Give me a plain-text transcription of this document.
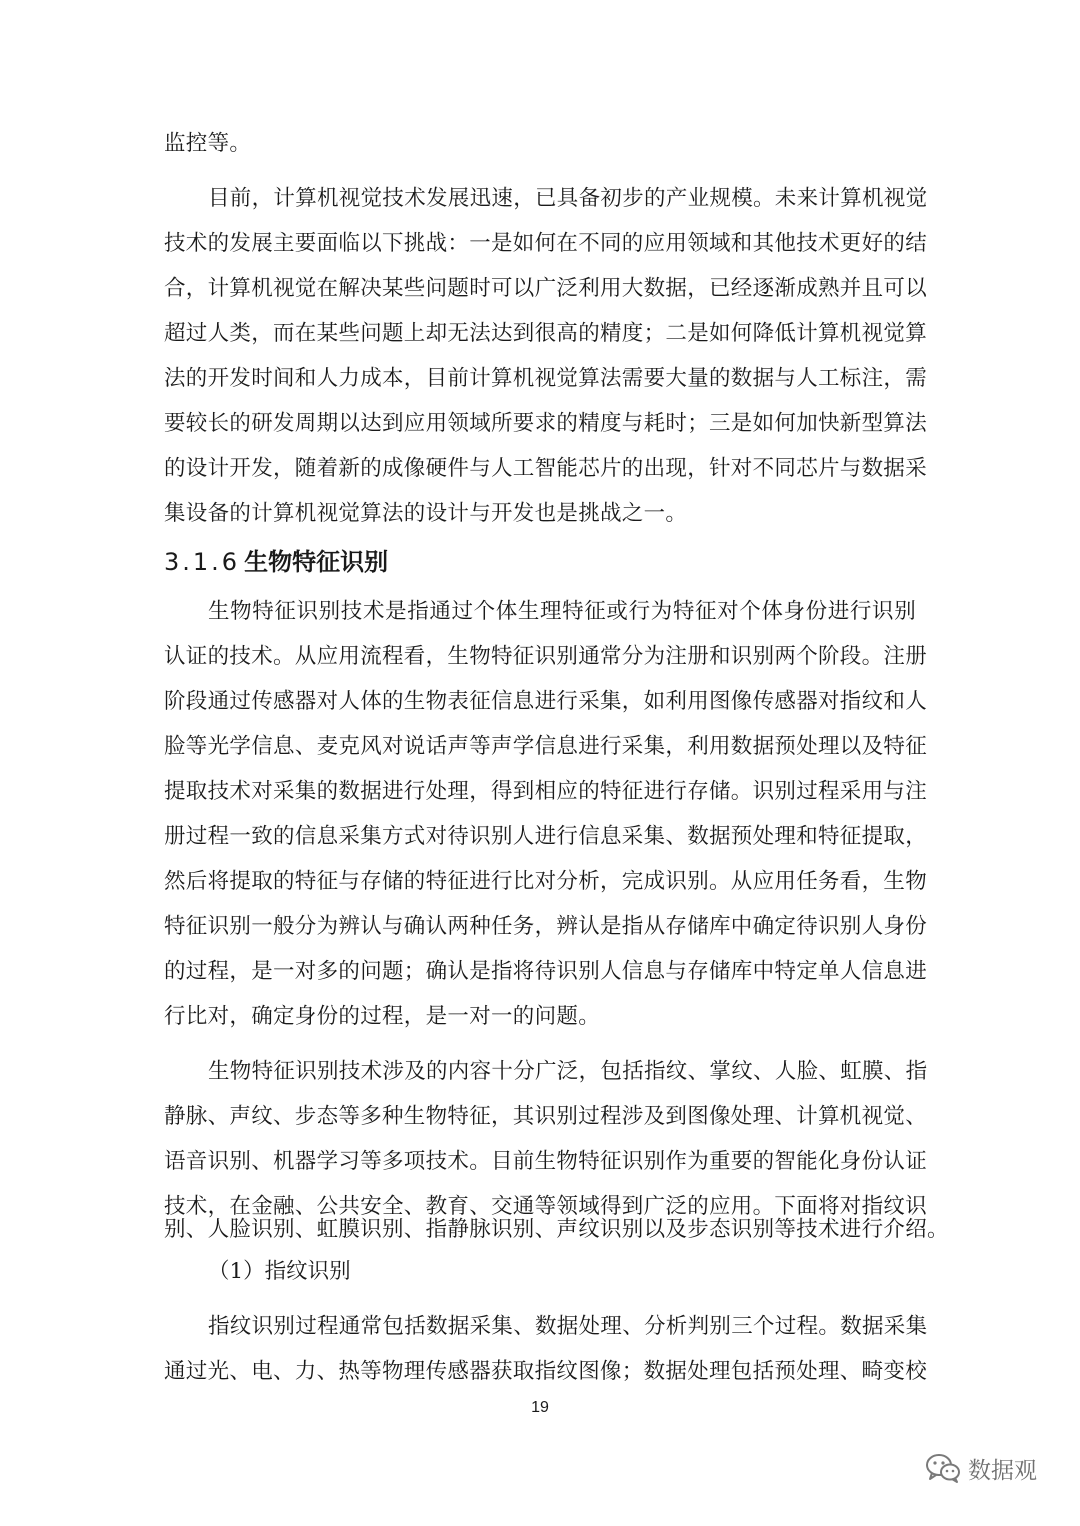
监控等。
目前，计算机视觉技术发展迅速，已具备初步的产业规模。未来计算机视觉
技术的发展主要面临以下挑战：一是如何在不同的应用领域和其他技术更好的结
合，计算机视觉在解决某些问题时可以广泛利用大数据，已经逐渐成熟并且可以
超过人类，而在某些问题上却无法达到很高的精度；二是如何降低计算机视觉算
法的开发时间和人力成本，目前计算机视觉算法需要大量的数据与人工标注，需
要较长的研发周期以达到应用领域所要求的精度与耗时；三是如何加快新型算法
的设计开发，随着新的成像硬件与人工智能芯片的出现，针对不同芯片与数据采
集设备的计算机视觉算法的设计与开发也是挑战之一。
3.1.6 生物特征识别
生物特征识别技术是指通过个体生理特征或行为特征对个体身份进行识别
认证的技术。从应用流程看，生物特征识别通常分为注册和识别两个阶段。注册
阶段通过传感器对人体的生物表征信息进行采集，如利用图像传感器对指纹和人
脸等光学信息、麦克风对说话声等声学信息进行采集，利用数据预处理以及特征
提取技术对采集的数据进行处理，得到相应的特征进行存储。识别过程采用与注
册过程一致的信息采集方式对待识别人进行信息采集、数据预处理和特征提取，
然后将提取的特征与存储的特征进行比对分析，完成识别。从应用任务看，生物
特征识别一般分为辨认与确认两种任务，辨认是指从存储库中确定待识别人身份
的过程，是一对多的问题；确认是指将待识别人信息与存储库中特定单人信息进
行比对，确定身份的过程，是一对一的问题。
生物特征识别技术涉及的内容十分广泛，包括指纹、掌纹、人脸、虹膜、指
静脉、声纹、步态等多种生物特征，其识别过程涉及到图像处理、计算机视觉、
语音识别、机器学习等多项技术。目前生物特征识别作为重要的智能化身份认证
技术，在金融、公共安全、教育、交通等领域得到广泛的应用。下面将对指纹识
别、人脸识别、虹膜识别、指静脉识别、声纹识别以及步态识别等技术进行介绍。
（1）指纹识别
指纹识别过程通常包括数据采集、数据处理、分析判别三个过程。数据采集
通过光、电、力、热等物理传感器获取指纹图像；数据处理包括预处理、畸变校
19
数据观
